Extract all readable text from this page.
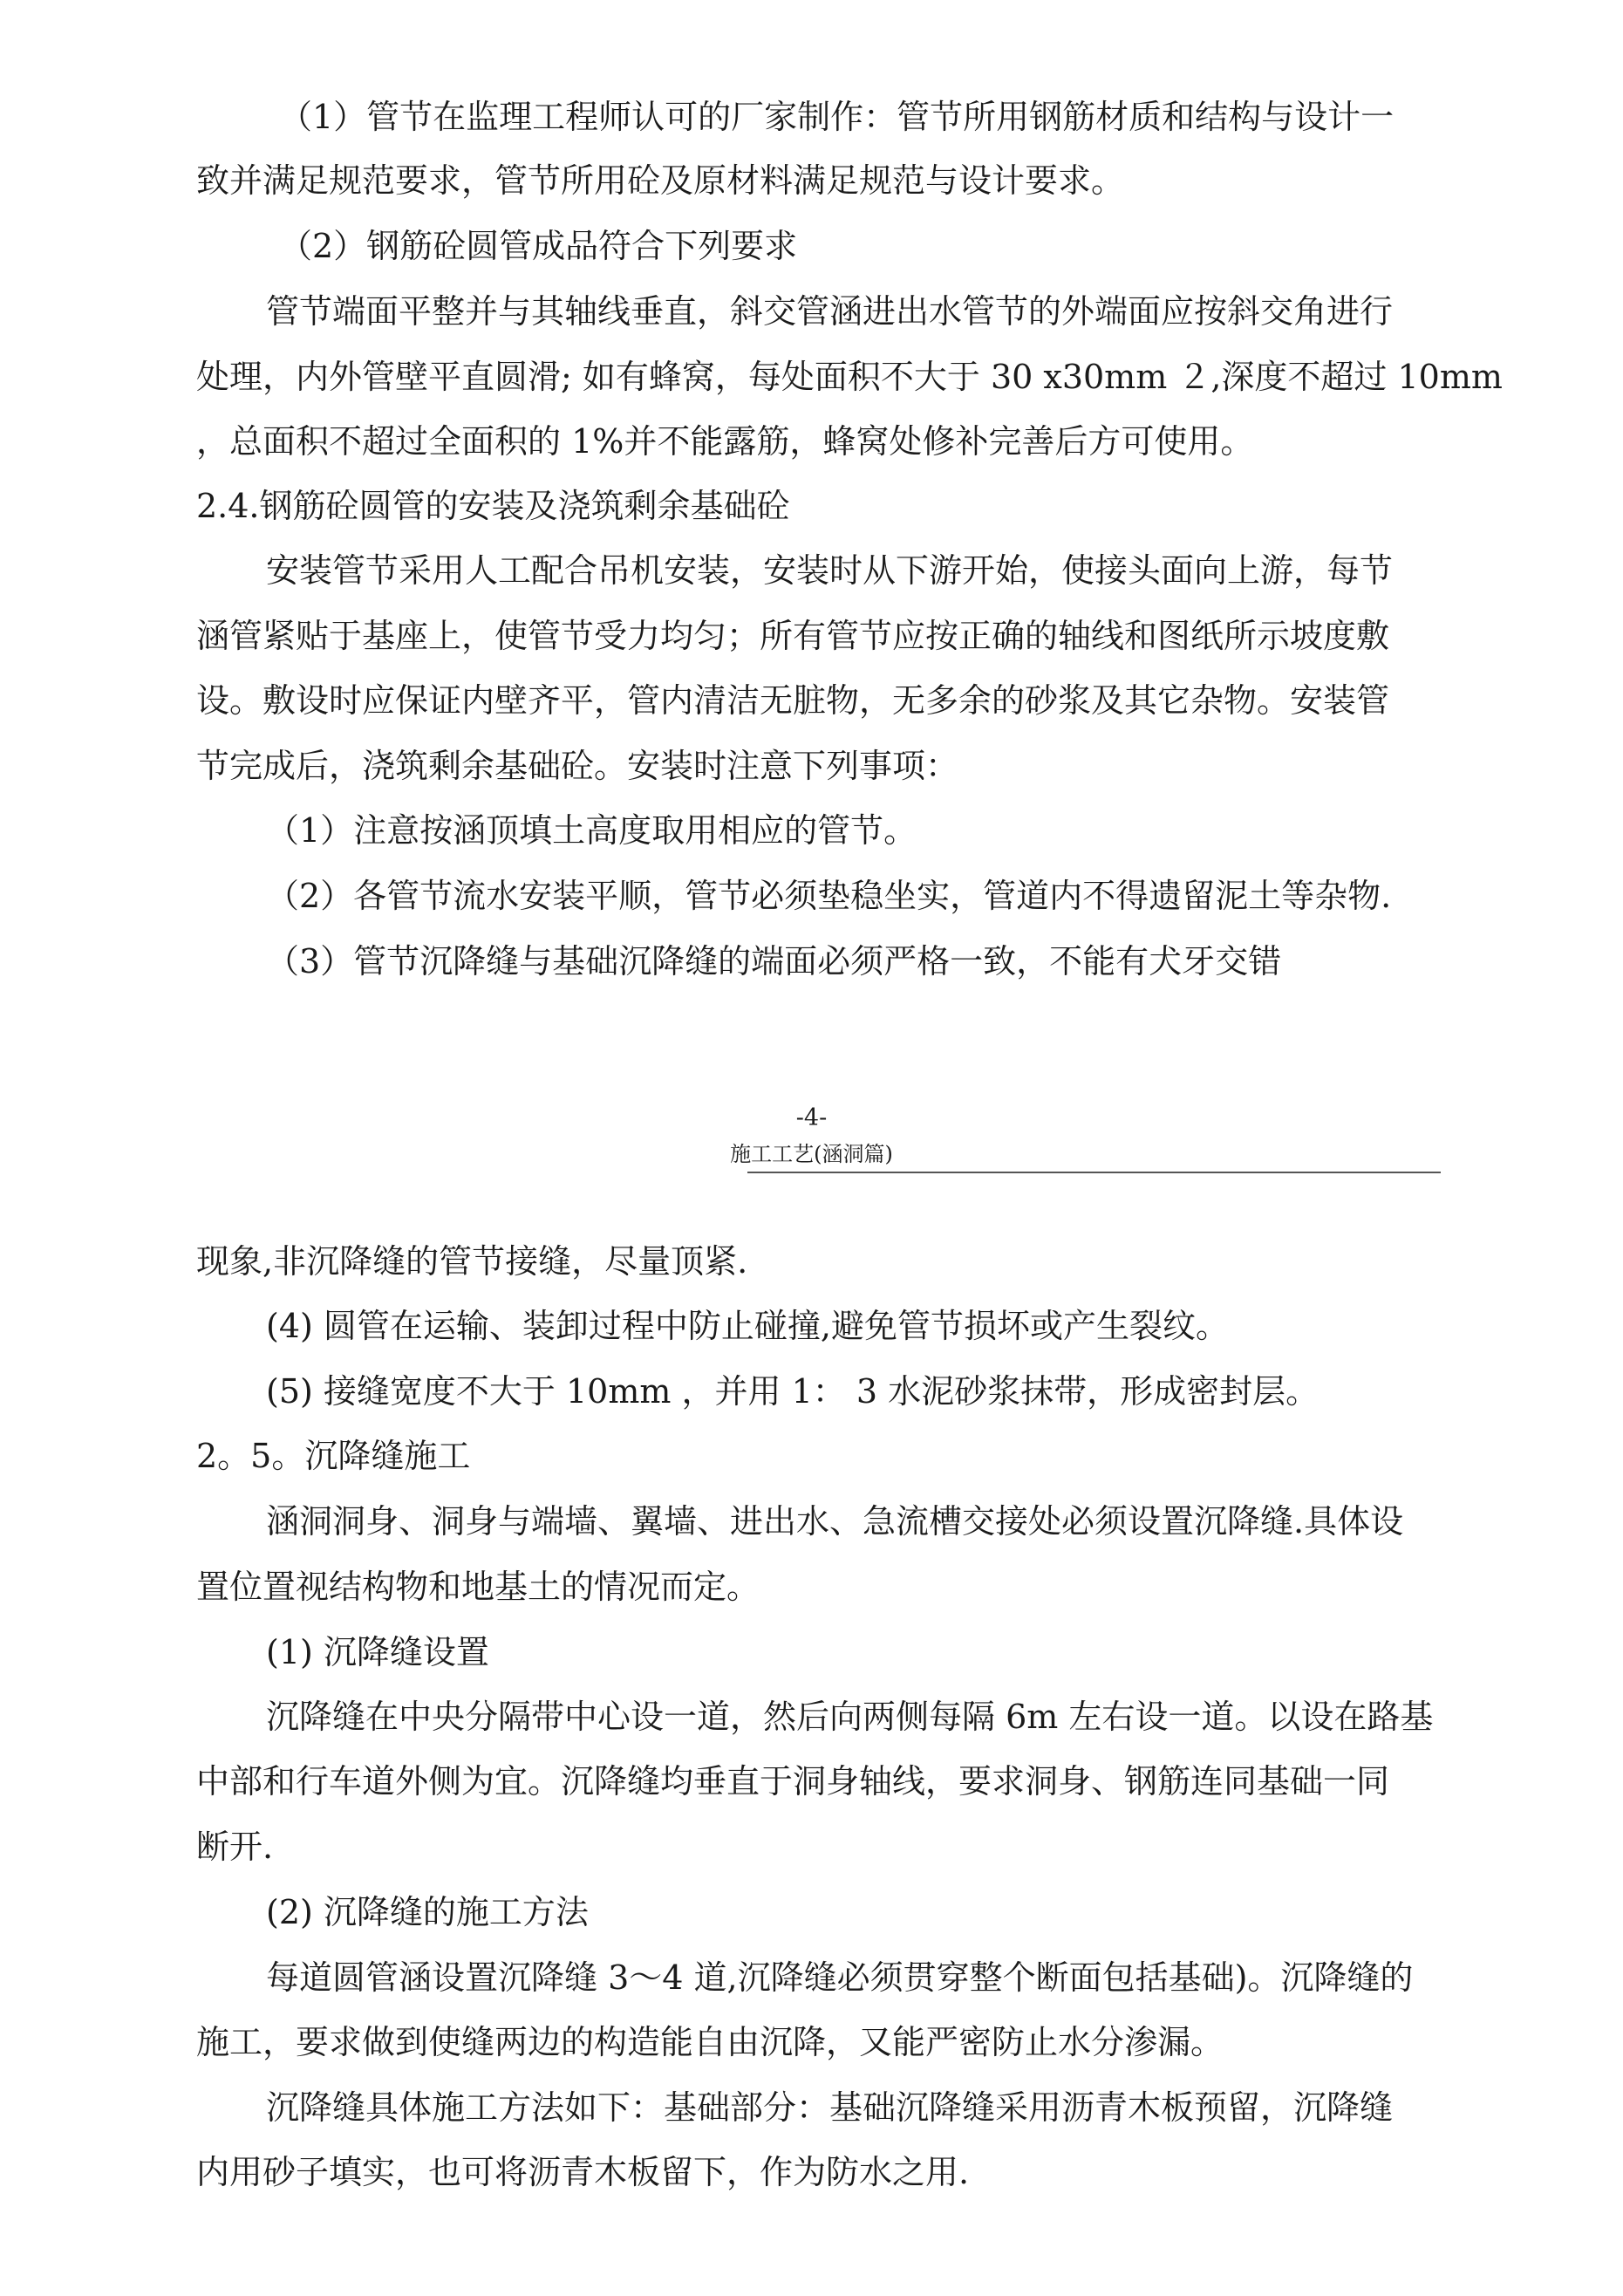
（1）管节在监理工程师认可的厂家制作：管节所用钢筋材质和结构与设计一
致并满足规范要求，管节所用砼及原材料满足规范与设计要求。
（2）钢筋砼圆管成品符合下列要求
管节端面平整并与其轴线垂直，斜交管涵进出水管节的外端面应按斜交角进行
处理，内外管壁平直圆滑; 如有蜂窝，每处面积不大于 30 x30mm ２,深度不超过 10mm
，总面积不超过全面积的 1%并不能露筋，蜂窝处修补完善后方可使用。
2.4.钢筋砼圆管的安装及浇筑剩余基础砼
安装管节采用人工配合吊机安装，安装时从下游开始，使接头面向上游，每节
涵管紧贴于基座上，使管节受力均匀；所有管节应按正确的轴线和图纸所示坡度敷
设。敷设时应保证内壁齐平，管内清洁无脏物，无多余的砂浆及其它杂物。安装管
节完成后，浇筑剩余基础砼。安装时注意下列事项：
（1）注意按涵顶填土高度取用相应的管节。
（2）各管节流水安装平顺，管节必须垫稳坐实，管道内不得遗留泥土等杂物.
（3）管节沉降缝与基础沉降缝的端面必须严格一致，不能有犬牙交错
-4-
施工工艺(涵洞篇)
现象,非沉降缝的管节接缝，尽量顶紧.
(4) 圆管在运输、装卸过程中防止碰撞,避免管节损坏或产生裂纹。
(5) 接缝宽度不大于 10mm ，并用 1： 3 水泥砂浆抹带，形成密封层。
2。5。沉降缝施工
涵洞洞身、洞身与端墙、翼墙、进出水、急流槽交接处必须设置沉降缝.具体设
置位置视结构物和地基土的情况而定。
(1) 沉降缝设置
沉降缝在中央分隔带中心设一道，然后向两侧每隔 6m 左右设一道。以设在路基
中部和行车道外侧为宜。沉降缝均垂直于洞身轴线，要求洞身、钢筋连同基础一同
断开.
(2) 沉降缝的施工方法
每道圆管涵设置沉降缝 3〜4 道,沉降缝必须贯穿整个断面包括基础)。沉降缝的
施工，要求做到使缝两边的构造能自由沉降，又能严密防止水分渗漏。
沉降缝具体施工方法如下：基础部分：基础沉降缝采用沥青木板预留，沉降缝
内用砂子填实，也可将沥青木板留下，作为防水之用.
